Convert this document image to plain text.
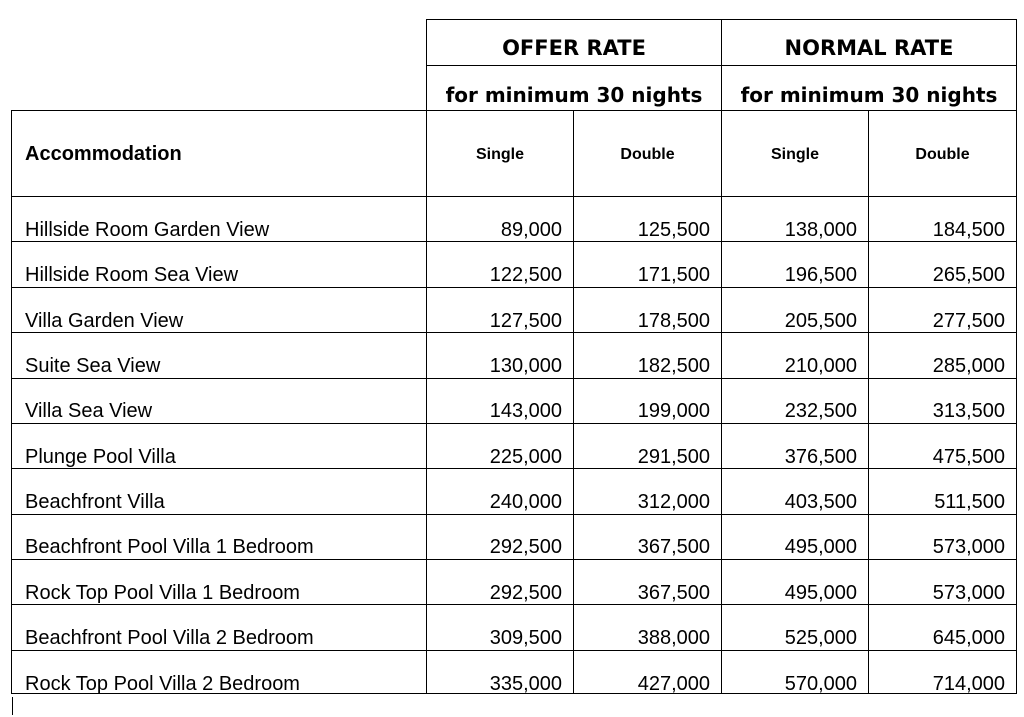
OFFER RATE
for minimum 30 nights
NORMAL RATE
for minimum 30 nights
Accommodation	Single	Double	Single	Double
Hillside Room Garden View	89,000	125,500	138,000	184,500
Hillside Room Sea View	122,500	171,500	196,500	265,500
Villa Garden View	127,500	178,500	205,500	277,500
Suite Sea View	130,000	182,500	210,000	285,000
Villa Sea View	143,000	199,000	232,500	313,500
Plunge Pool Villa	225,000	291,500	376,500	475,500
Beachfront Villa	240,000	312,000	403,500	511,500
Beachfront Pool Villa 1 Bedroom	292,500	367,500	495,000	573,000
Rock Top Pool Villa 1 Bedroom	292,500	367,500	495,000	573,000
Beachfront Pool Villa 2 Bedroom	309,500	388,000	525,000	645,000
Rock Top Pool Villa 2 Bedroom	335,000	427,000	570,000	714,000
